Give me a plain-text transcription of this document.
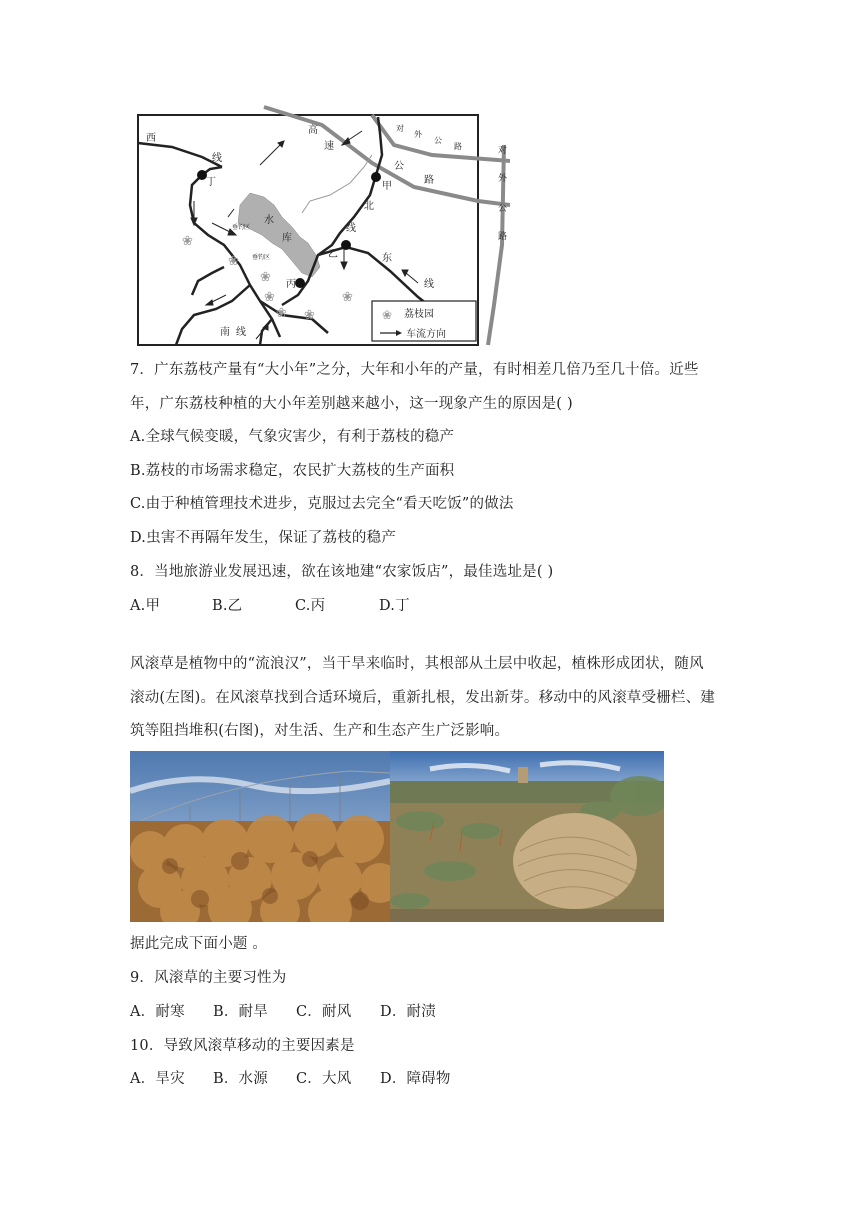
❀
❀
❀
❀
❀ ❀
❀
西
线
高
速
公
路
对
外
公
路	对
外
公
路
丁	甲
北
线
水
库
乙
丙
东
线
南 线
垂钓区
垂钓区
❀ 荔枝园
车流方向
7．广东荔枝产量有“大小年”之分，大年和小年的产量，有时相差几倍乃至几十倍。近些
年，广东荔枝种植的大小年差别越来越小，这一现象产生的原因是( )
A.全球气候变暖，气象灾害少，有利于荔枝的稳产
B.荔枝的市场需求稳定，农民扩大荔枝的生产面积
C.由于种植管理技术进步，克服过去完全“看天吃饭”的做法
D.虫害不再隔年发生，保证了荔枝的稳产
8．当地旅游业发展迅速，欲在该地建“农家饭店”，最佳选址是( )
A.甲	B.乙	C.丙	D.丁
风滚草是植物中的“流浪汉”，当干旱来临时，其根部从土层中收起，植株形成团状，随风
滚动(左图)。在风滚草找到合适环境后，重新扎根，发出新芽。移动中的风滚草受栅栏、建
筑等阻挡堆积(右图)，对生活、生产和生态产生广泛影响。
据此完成下面小题 。
9．风滚草的主要习性为
A．耐寒 B．耐旱 C．耐风 D．耐渍
10．导致风滚草移动的主要因素是
A．旱灾 B．水源 C．大风 D．障碍物
